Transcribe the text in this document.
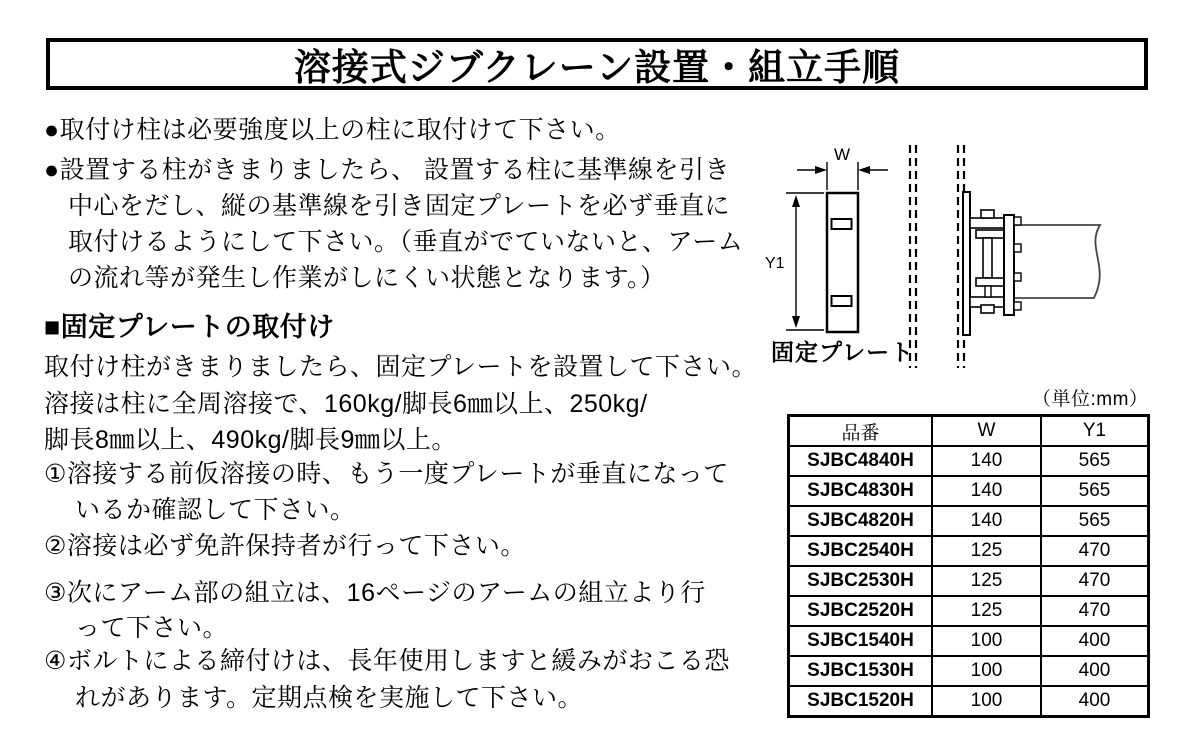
溶接式ジブクレーン設置・組立手順
●取付け柱は必要強度以上の柱に取付けて下さい。
●設置する柱がきまりましたら、 設置する柱に基準線を引き
中心をだし、縦の基準線を引き固定プレートを必ず垂直に
取付けるようにして下さい。（垂直がでていないと、アーム
の流れ等が発生し作業がしにくい状態となります。）
■固定プレートの取付け
取付け柱がきまりましたら、固定プレートを設置して下さい。
溶接は柱に全周溶接で、160kg/脚長6㎜以上、250kg/
脚長8㎜以上、490kg/脚長9㎜以上。
①溶接する前仮溶接の時、もう一度プレートが垂直になって
いるか確認して下さい。
②溶接は必ず免許保持者が行って下さい。
③次にアーム部の組立は、16ページのアームの組立より行
って下さい。
④ボルトによる締付けは、長年使用しますと緩みがおこる恐
れがあります。定期点検を実施して下さい。
W
Y1
固定プレート
（単位:mm）
品番	W	Y1
SJBC4840H	140	565
SJBC4830H	140	565
SJBC4820H	140	565
SJBC2540H	125	470
SJBC2530H	125	470
SJBC2520H	125	470
SJBC1540H	100	400
SJBC1530H	100	400
SJBC1520H	100	400
